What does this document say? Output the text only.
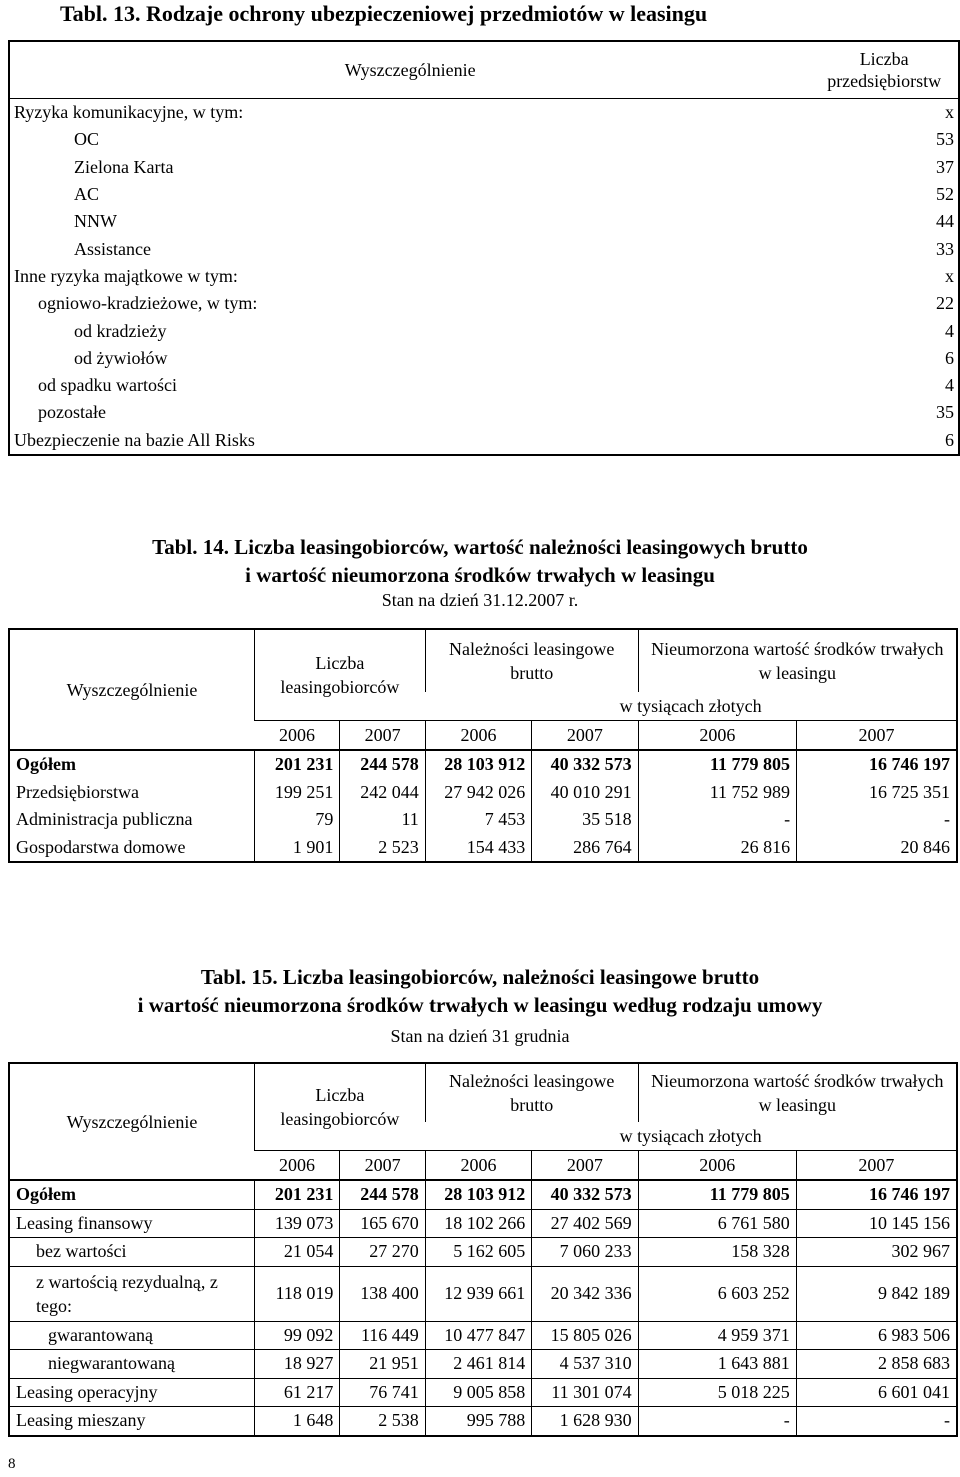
Tabl. 13. Rodzaje ochrony ubezpieczeniowej przedmiotów w leasingu
Wyszczególnienie	Liczba przedsiębiorstw
Ryzyka komunikacyjne, w tym:	x
OC	53
Zielona Karta	37
AC	52
NNW	44
Assistance	33
Inne ryzyka majątkowe w tym:	x
ogniowo-kradzieżowe, w tym:	22
od kradzieży	4
od żywiołów	6
od spadku wartości	4
pozostałe	35
Ubezpieczenie na bazie All Risks	6
Tabl. 14. Liczba leasingobiorców, wartość należności leasingowych brutto
i wartość nieumorzona środków trwałych w leasingu
Stan na dzień 31.12.2007 r.
Wyszczególnienie	Liczba leasingobiorców		Należności leasingowe brutto		Nieumorzona wartość środków trwałych w leasingu	
			w tysiącach złotych			
	2006	2007	2006	2007	2006	2007
Ogółem	201 231	244 578	28 103 912	40 332 573	11 779 805	16 746 197
Przedsiębiorstwa	199 251	242 044	27 942 026	40 010 291	11 752 989	16 725 351
Administracja publiczna	79	11	7 453	35 518	-	-
Gospodarstwa domowe	1 901	2 523	154 433	286 764	26 816	20 846
Tabl. 15. Liczba leasingobiorców, należności leasingowe brutto
i wartość nieumorzona środków trwałych w leasingu według rodzaju umowy
Stan na dzień 31 grudnia
Wyszczególnienie	Liczba leasingobiorców		Należności leasingowe brutto		Nieumorzona wartość środków trwałych w leasingu	
			w tysiącach złotych			
	2006	2007	2006	2007	2006	2007
Ogółem	201 231	244 578	28 103 912	40 332 573	11 779 805	16 746 197
Leasing finansowy	139 073	165 670	18 102 266	27 402 569	6 761 580	10 145 156
bez wartości	21 054	27 270	5 162 605	7 060 233	158 328	302 967
z wartością rezydualną, z tego:	118 019	138 400	12 939 661	20 342 336	6 603 252	9 842 189
gwarantowaną	99 092	116 449	10 477 847	15 805 026	4 959 371	6 983 506
niegwarantowaną	18 927	21 951	2 461 814	4 537 310	1 643 881	2 858 683
Leasing operacyjny	61 217	76 741	9 005 858	11 301 074	5 018 225	6 601 041
Leasing mieszany	1 648	2 538	995 788	1 628 930	-	-
8
